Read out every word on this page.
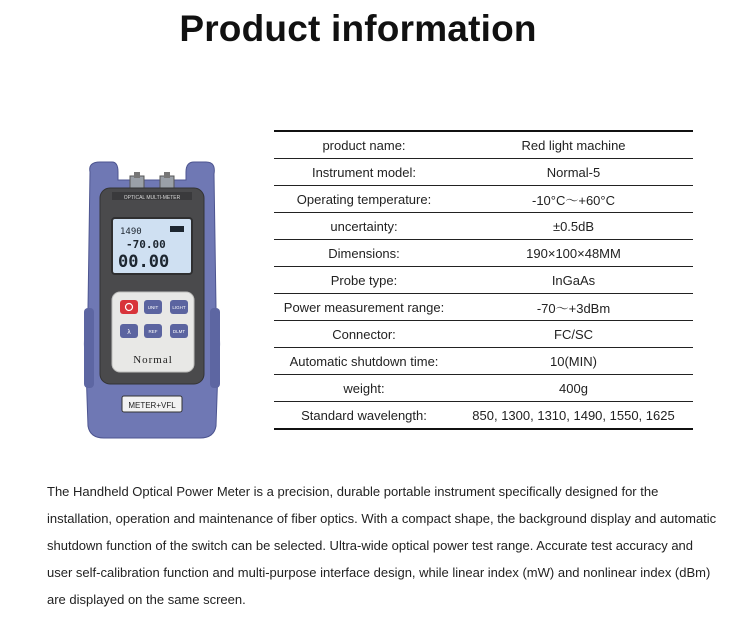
Product information
OPTICAL MULTI-METER
1490
-70.00
00.00
UNIT	LIGHT
λ	REF	DLMT
Normal
METER+VFL
product name:	Red light machine
Instrument model:	Normal-5
Operating temperature:	-10°C～+60°C
uncertainty:	±0.5dB
Dimensions:	190×100×48MM
Probe type:	InGaAs
Power measurement range:	-70～+3dBm
Connector:	FC/SC
Automatic shutdown time:	10(MIN)
weight:	400g
Standard wavelength:	850, 1300, 1310, 1490, 1550, 1625
The Handheld Optical Power Meter is a precision, durable portable instrument specifically designed for the installation, operation and maintenance of fiber optics. With a compact shape, the background display and automatic shutdown function of the switch can be selected. Ultra-wide optical power test range. Accurate test accuracy and user self-calibration function and multi-purpose interface design, while linear index (mW) and nonlinear index (dBm) are displayed on the same screen.
